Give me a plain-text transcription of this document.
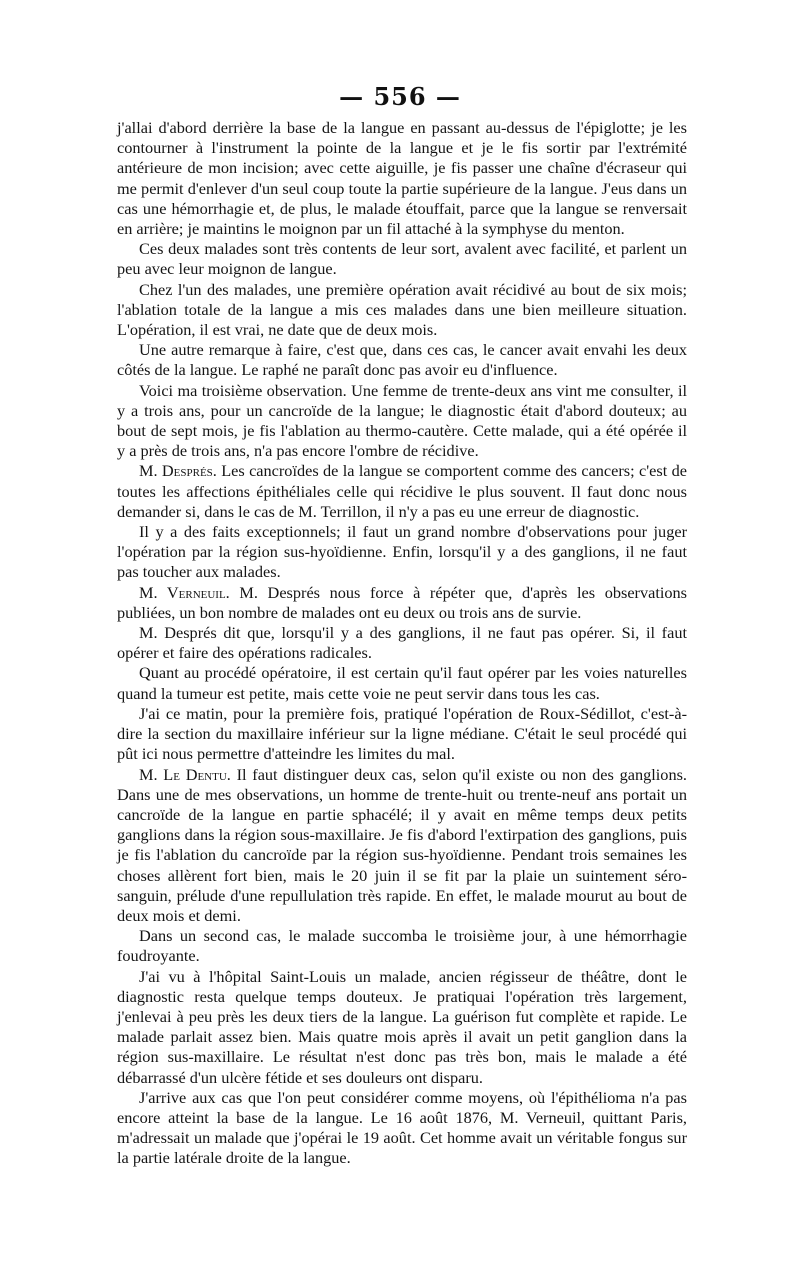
— 556 —

j'allai d'abord derrière la base de la langue en passant au-dessus de l'épiglotte; je les contourner à l'instrument la pointe de la langue et je le fis sortir par l'extrémité antérieure de mon incision; avec cette aiguille, je fis passer une chaîne d'écraseur qui me permit d'enlever d'un seul coup toute la partie supérieure de la langue. J'eus dans un cas une hémorrhagie et, de plus, le malade étouffait, parce que la langue se renversait en arrière; je maintins le moignon par un fil attaché à la symphyse du menton.

Ces deux malades sont très contents de leur sort, avalent avec facilité, et parlent un peu avec leur moignon de langue.

Chez l'un des malades, une première opération avait récidivé au bout de six mois; l'ablation totale de la langue a mis ces malades dans une bien meilleure situation. L'opération, il est vrai, ne date que de deux mois.

Une autre remarque à faire, c'est que, dans ces cas, le cancer avait envahi les deux côtés de la langue. Le raphé ne paraît donc pas avoir eu d'influence.

Voici ma troisième observation. Une femme de trente-deux ans vint me consulter, il y a trois ans, pour un cancroïde de la langue; le diagnostic était d'abord douteux; au bout de sept mois, je fis l'ablation au thermo-cautère. Cette malade, qui a été opérée il y a près de trois ans, n'a pas encore l'ombre de récidive.

M. Després. Les cancroïdes de la langue se comportent comme des cancers; c'est de toutes les affections épithéliales celle qui récidive le plus souvent. Il faut donc nous demander si, dans le cas de M. Terrillon, il n'y a pas eu une erreur de diagnostic.

Il y a des faits exceptionnels; il faut un grand nombre d'observations pour juger l'opération par la région sus-hyoïdienne. Enfin, lorsqu'il y a des ganglions, il ne faut pas toucher aux malades.

M. Verneuil. M. Després nous force à répéter que, d'après les observations publiées, un bon nombre de malades ont eu deux ou trois ans de survie.

M. Després dit que, lorsqu'il y a des ganglions, il ne faut pas opérer. Si, il faut opérer et faire des opérations radicales.

Quant au procédé opératoire, il est certain qu'il faut opérer par les voies naturelles quand la tumeur est petite, mais cette voie ne peut servir dans tous les cas.

J'ai ce matin, pour la première fois, pratiqué l'opération de Roux-Sédillot, c'est-à-dire la section du maxillaire inférieur sur la ligne médiane. C'était le seul procédé qui pût ici nous permettre d'atteindre les limites du mal.

M. Le Dentu. Il faut distinguer deux cas, selon qu'il existe ou non des ganglions. Dans une de mes observations, un homme de trente-huit ou trente-neuf ans portait un cancroïde de la langue en partie sphacélé; il y avait en même temps deux petits ganglions dans la région sous-maxillaire. Je fis d'abord l'extirpation des ganglions, puis je fis l'ablation du cancroïde par la région sus-hyoïdienne. Pendant trois semaines les choses allèrent fort bien, mais le 20 juin il se fit par la plaie un suintement séro-sanguin, prélude d'une repullulation très rapide. En effet, le malade mourut au bout de deux mois et demi.

Dans un second cas, le malade succomba le troisième jour, à une hémorrhagie foudroyante.

J'ai vu à l'hôpital Saint-Louis un malade, ancien régisseur de théâtre, dont le diagnostic resta quelque temps douteux. Je pratiquai l'opération très largement, j'enlevai à peu près les deux tiers de la langue. La guérison fut complète et rapide. Le malade parlait assez bien. Mais quatre mois après il avait un petit ganglion dans la région sus-maxillaire. Le résultat n'est donc pas très bon, mais le malade a été débarrassé d'un ulcère fétide et ses douleurs ont disparu.

J'arrive aux cas que l'on peut considérer comme moyens, où l'épithélioma n'a pas encore atteint la base de la langue. Le 16 août 1876, M. Verneuil, quittant Paris, m'adressait un malade que j'opérai le 19 août. Cet homme avait un véritable fongus sur la partie latérale droite de la langue.
